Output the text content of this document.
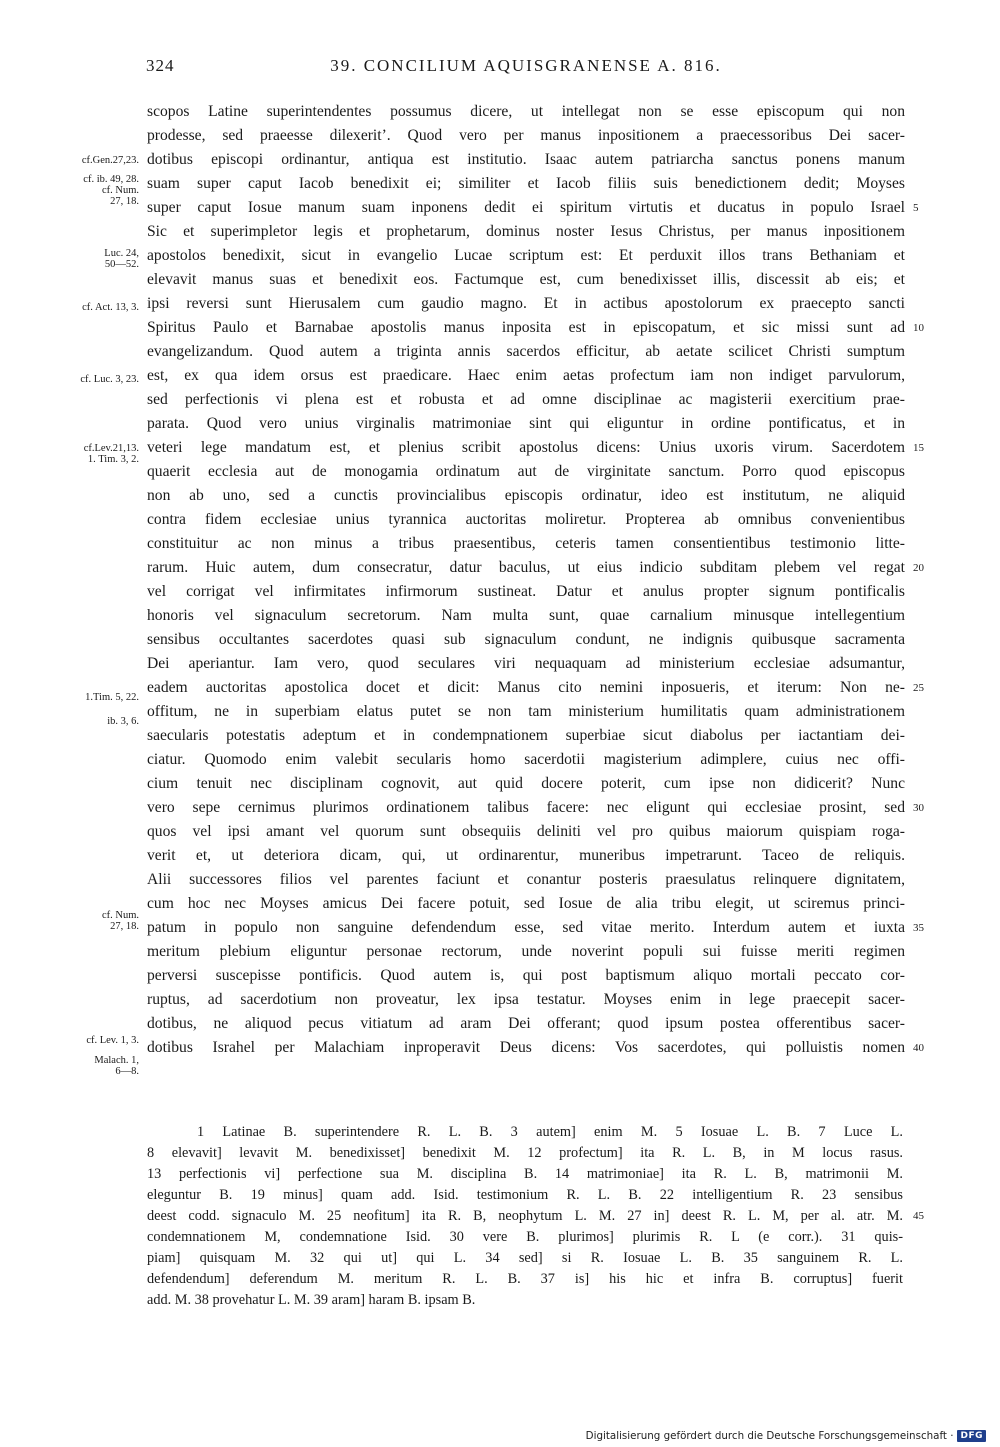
324	39. CONCILIUM AQUISGRANENSE A. 816.
scopos Latine superintendentes possumus dicere, ut intellegat non se esse episcopum qui non
prodesse, sed praeesse dilexerit’. Quod vero per manus inpositionem a praecessoribus Dei sacer-
dotibus episcopi ordinantur, antiqua est institutio. Isaac autem patriarcha sanctus ponens manum
suam super caput Iacob benedixit ei; similiter et Iacob filiis suis benedictionem dedit; Moyses
super caput Iosue manum suam inponens dedit ei spiritum virtutis et ducatus in populo Israel
Sic et superimpletor legis et prophetarum, dominus noster Iesus Christus, per manus inpositionem
apostolos benedixit, sicut in evangelio Lucae scriptum est: Et perduxit illos trans Bethaniam et
elevavit manus suas et benedixit eos. Factumque est, cum benedixisset illis, discessit ab eis; et
ipsi reversi sunt Hierusalem cum gaudio magno. Et in actibus apostolorum ex praecepto sancti
Spiritus Paulo et Barnabae apostolis manus inposita est in episcopatum, et sic missi sunt ad
evangelizandum. Quod autem a triginta annis sacerdos efficitur, ab aetate scilicet Christi sumptum
est, ex qua idem orsus est praedicare. Haec enim aetas profectum iam non indiget parvulorum,
sed perfectionis vi plena est et robusta et ad omne disciplinae ac magisterii exercitium prae-
parata. Quod vero unius virginalis matrimoniae sint qui eliguntur in ordine pontificatus, et in
veteri lege mandatum est, et plenius scribit apostolus dicens: Unius uxoris virum. Sacerdotem
quaerit ecclesia aut de monogamia ordinatum aut de virginitate sanctum. Porro quod episcopus
non ab uno, sed a cunctis provincialibus episcopis ordinatur, ideo est institutum, ne aliquid
contra fidem ecclesiae unius tyrannica auctoritas moliretur. Propterea ab omnibus convenientibus
constituitur ac non minus a tribus praesentibus, ceteris tamen consentientibus testimonio litte-
rarum. Huic autem, dum consecratur, datur baculus, ut eius indicio subditam plebem vel regat
vel corrigat vel infirmitates infirmorum sustineat. Datur et anulus propter signum pontificalis
honoris vel signaculum secretorum. Nam multa sunt, quae carnalium minusque intellegentium
sensibus occultantes sacerdotes quasi sub signaculum condunt, ne indignis quibusque sacramenta
Dei aperiantur. Iam vero, quod seculares viri nequaquam ad ministerium ecclesiae adsumantur,
eadem auctoritas apostolica docet et dicit: Manus cito nemini inposueris, et iterum: Non ne-
offitum, ne in superbiam elatus putet se non tam ministerium humilitatis quam administrationem
saecularis potestatis adeptum et in condempnationem superbiae sicut diabolus per iactantiam dei-
ciatur. Quomodo enim valebit secularis homo sacerdotii magisterium adimplere, cuius nec offi-
cium tenuit nec disciplinam cognovit, aut quid docere poterit, cum ipse non didicerit? Nunc
vero sepe cernimus plurimos ordinationem talibus facere: nec eligunt qui ecclesiae prosint, sed
quos vel ipsi amant vel quorum sunt obsequiis deliniti vel pro quibus maiorum quispiam roga-
verit et, ut deteriora dicam, qui, ut ordinarentur, muneribus impetrarunt. Taceo de reliquis.
Alii successores filios vel parentes faciunt et conantur posteris praesulatus relinquere dignitatem,
cum hoc nec Moyses amicus Dei facere potuit, sed Iosue de alia tribu elegit, ut sciremus princi-
patum in populo non sanguine defendendum esse, sed vitae merito. Interdum autem et iuxta
meritum plebium eliguntur personae rectorum, unde noverint populi sui fuisse meriti regimen
perversi suscepisse pontificis. Quod autem is, qui post baptismum aliquo mortali peccato cor-
ruptus, ad sacerdotium non proveatur, lex ipsa testatur. Moyses enim in lege praecepit sacer-
dotibus, ne aliquod pecus vitiatum ad aram Dei offerant; quod ipsum postea offerentibus sacer-
dotibus Israhel per Malachiam inproperavit Deus dicens: Vos sacerdotes, qui polluistis nomen
cf.Gen.27,23.
cf. ib. 49, 28.
cf. Num.
27, 18.
Luc. 24,
50—52.
cf. Act. 13, 3.
cf. Luc. 3, 23.
cf.Lev.21,13.
1. Tim. 3, 2.
1.Tim. 5, 22.
ib. 3, 6.
cf. Num.
27, 18.
cf. Lev. 1, 3.
Malach. 1,
6—8.
5
10
15
20
25
30
35
40
1 Latinae B. superintendere R. L. B. 3 autem] enim M. 5 Iosuae L. B. 7 Luce L.
8 elevavit] levavit M. benedixisset] benedixit M. 12 profectum] ita R. L. B, in M locus rasus.
13 perfectionis vi] perfectione sua M. disciplina B. 14 matrimoniae] ita R. L. B, matrimonii M.
eleguntur B. 19 minus] quam add. Isid. testimonium R. L. B. 22 intelligentium R. 23 sensibus
deest codd. signaculo M. 25 neofitum] ita R. B, neophytum L. M. 27 in] deest R. L. M, per al. atr. M.
condemnationem M, condemnatione Isid. 30 vere B. plurimos] plurimis R. L (e corr.). 31 quis-
piam] quisquam M. 32 qui ut] qui L. 34 sed] si R. Iosuae L. B. 35 sanguinem R. L.
defendendum] deferendum M. meritum R. L. B. 37 is] his hic et infra B. corruptus] fuerit
add. M. 38 provehatur L. M. 39 aram] haram B. ipsam B.
45
Digitalisierung gefördert durch die Deutsche Forschungsgemeinschaft · DFG
